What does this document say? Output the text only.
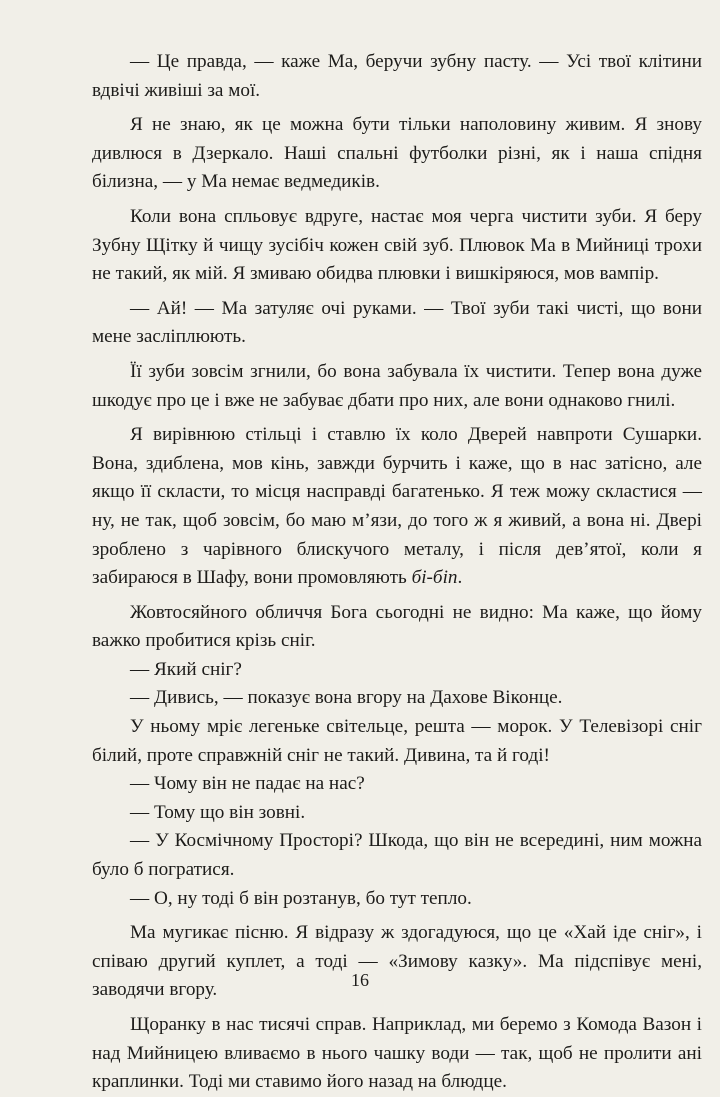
— Це правда, — каже Ма, беручи зубну пасту. — Усі твої клітини вдвічі живіші за мої.

Я не знаю, як це можна бути тільки наполовину живим. Я знову дивлюся в Дзеркало. Наші спальні футболки різні, як і наша спідня білизна, — у Ма немає ведмедиків.

Коли вона спльовує вдруге, настає моя черга чистити зуби. Я беру Зубну Щітку й чищу зусібіч кожен свій зуб. Плювок Ма в Мийниці трохи не такий, як мій. Я змиваю обидва плювки і вишкіряюся, мов вампір.

— Ай! — Ма затуляє очі руками. — Твої зуби такі чисті, що вони мене засліплюють.

Її зуби зовсім згнили, бо вона забувала їх чистити. Тепер вона дуже шкодує про це і вже не забуває дбати про них, але вони однаково гнилі.

Я вирівнюю стільці і ставлю їх коло Дверей навпроти Сушарки. Вона, здиблена, мов кінь, завжди бурчить і каже, що в нас затісно, але якщо її скласти, то місця насправді багатенько. Я теж можу скластися — ну, не так, щоб зовсім, бо маю м’язи, до того ж я живий, а вона ні. Двері зроблено з чарівного блискучого металу, і після дев’ятої, коли я забираюся в Шафу, вони промовляють бі-біп.

Жовтосяйного обличчя Бога сьогодні не видно: Ма каже, що йому важко пробитися крізь сніг.

— Який сніг?

— Дивись, — показує вона вгору на Дахове Віконце.

У ньому мріє легеньке світельце, решта — морок. У Телевізорі сніг білий, проте справжній сніг не такий. Дивина, та й годі!

— Чому він не падає на нас?

— Тому що він зовні.

— У Космічному Просторі? Шкода, що він не всередині, ним можна було б погратися.

— О, ну тоді б він розтанув, бо тут тепло.

Ма мугикає пісню. Я відразу ж здогадуюся, що це «Хай іде сніг», і співаю другий куплет, а тоді — «Зимову казку». Ма підспівує мені, заводячи вгору.

Щоранку в нас тисячі справ. Наприклад, ми беремо з Комода Вазон і над Мийницею вливаємо в нього чашку води — так, щоб не пролити ані краплинки. Тоді ми ставимо його назад на блюдце.

16
